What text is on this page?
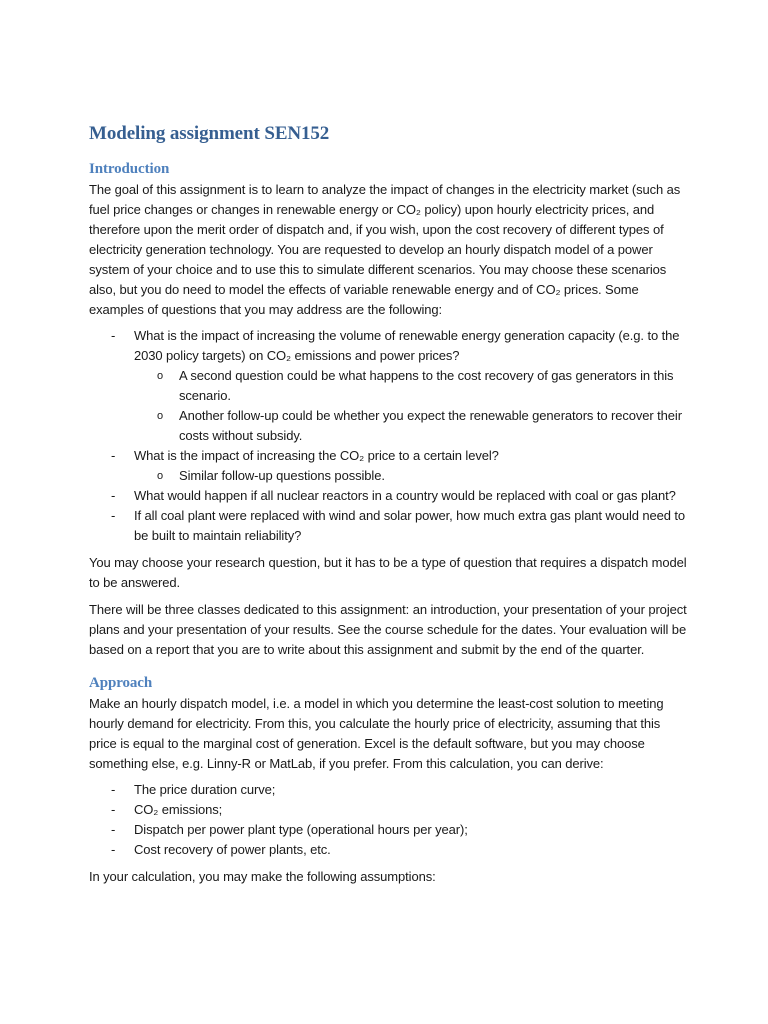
Modeling assignment SEN152
Introduction

The goal of this assignment is to learn to analyze the impact of changes in the electricity market (such as fuel price changes or changes in renewable energy or CO₂ policy) upon hourly electricity prices, and therefore upon the merit order of dispatch and, if you wish, upon the cost recovery of different types of electricity generation technology. You are requested to develop an hourly dispatch model of a power system of your choice and to use this to simulate different scenarios. You may choose these scenarios also, but you do need to model the effects of variable renewable energy and of CO₂ prices. Some examples of questions that you may address are the following:

- What is the impact of increasing the volume of renewable energy generation capacity (e.g. to the 2030 policy targets) on CO₂ emissions and power prices?
o A second question could be what happens to the cost recovery of gas generators in this scenario.
o Another follow-up could be whether you expect the renewable generators to recover their costs without subsidy.
- What is the impact of increasing the CO₂ price to a certain level?
o Similar follow-up questions possible.
- What would happen if all nuclear reactors in a country would be replaced with coal or gas plant?
- If all coal plant were replaced with wind and solar power, how much extra gas plant would need to be built to maintain reliability?

You may choose your research question, but it has to be a type of question that requires a dispatch model to be answered.

There will be three classes dedicated to this assignment: an introduction, your presentation of your project plans and your presentation of your results. See the course schedule for the dates. Your evaluation will be based on a report that you are to write about this assignment and submit by the end of the quarter.

Approach

Make an hourly dispatch model, i.e. a model in which you determine the least-cost solution to meeting hourly demand for electricity. From this, you calculate the hourly price of electricity, assuming that this price is equal to the marginal cost of generation. Excel is the default software, but you may choose something else, e.g. Linny-R or MatLab, if you prefer. From this calculation, you can derive:

- The price duration curve;
- CO₂ emissions;
- Dispatch per power plant type (operational hours per year);
- Cost recovery of power plants, etc.

In your calculation, you may make the following assumptions:
